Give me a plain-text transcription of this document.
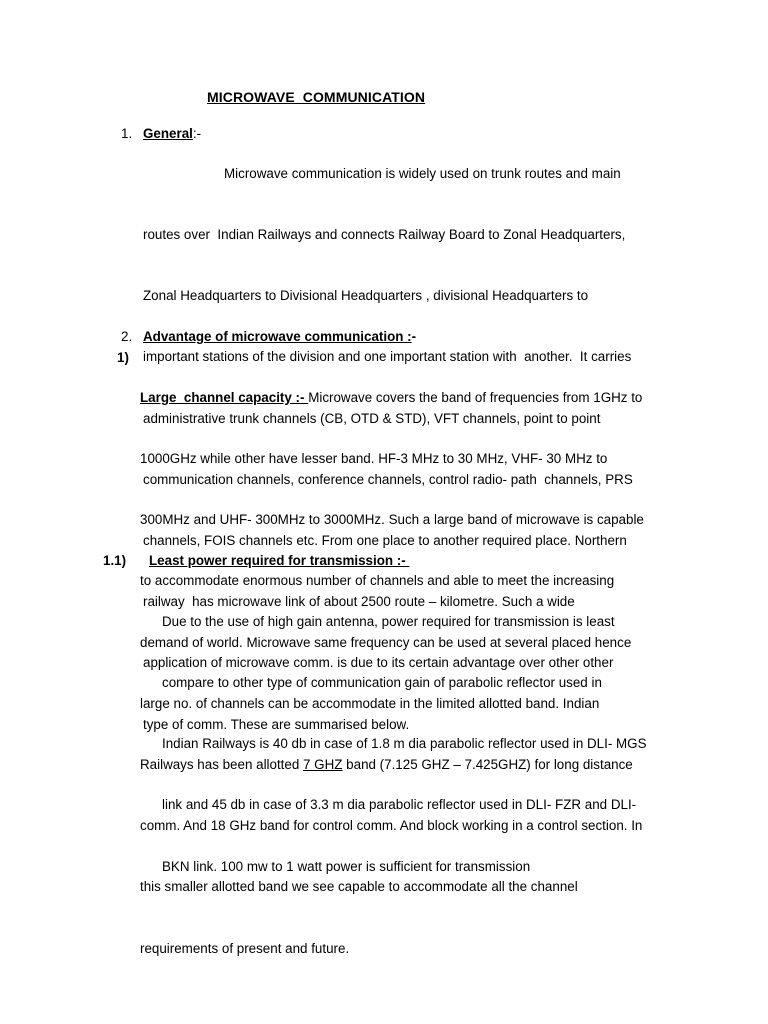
MICROWAVE  COMMUNICATION
1. General:-

Microwave communication is widely used on trunk routes and main

routes over  Indian Railways and connects Railway Board to Zonal Headquarters,

Zonal Headquarters to Divisional Headquarters , divisional Headquarters to

important stations of the division and one important station with  another.  It carries

administrative trunk channels (CB, OTD & STD), VFT channels, point to point

communication channels, conference channels, control radio- path  channels, PRS

channels, FOIS channels etc. From one place to another required place. Northern

railway  has microwave link of about 2500 route – kilometre. Such a wide

application of microwave comm. is due to its certain advantage over other other

type of comm. These are summarised below.

2. Advantage of microwave communication :-
1)

Large  channel capacity :- Microwave covers the band of frequencies from 1GHz to

1000GHz while other have lesser band. HF-3 MHz to 30 MHz, VHF- 30 MHz to

300MHz and UHF- 300MHz to 3000MHz. Such a large band of microwave is capable

to accommodate enormous number of channels and able to meet the increasing

demand of world. Microwave same frequency can be used at several placed hence

large no. of channels can be accommodate in the limited allotted band. Indian

Railways has been allotted 7 GHZ band (7.125 GHZ – 7.425GHZ) for long distance

comm. And 18 GHz band for control comm. And block working in a control section. In

this smaller allotted band we see capable to accommodate all the channel

requirements of present and future.

1.1) Least power required for transmission :-

Due to the use of high gain antenna, power required for transmission is least

compare to other type of communication gain of parabolic reflector used in

Indian Railways is 40 db in case of 1.8 m dia parabolic reflector used in DLI- MGS

link and 45 db in case of 3.3 m dia parabolic reflector used in DLI- FZR and DLI-

BKN link. 100 mw to 1 watt power is sufficient for transmission
